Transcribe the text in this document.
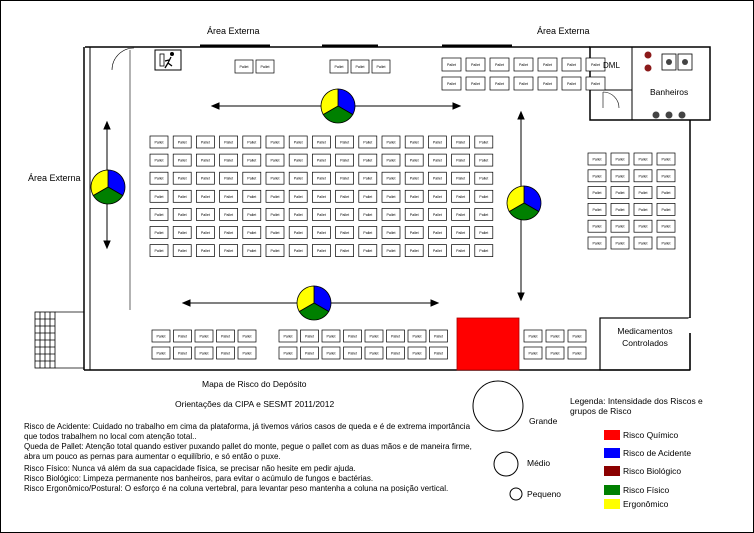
Pallet	Pallet	Pallet	Pallet	Pallet	Pallet	Pallet	Pallet	Pallet	Pallet	Pallet	Pallet	Pallet	Pallet	Pallet
Pallet	Pallet	Pallet	Pallet	Pallet	Pallet	Pallet	Pallet	Pallet	Pallet	Pallet	Pallet	Pallet	Pallet	Pallet
Pallet	Pallet	Pallet	Pallet	Pallet	Pallet	Pallet	Pallet	Pallet	Pallet	Pallet	Pallet	Pallet	Pallet	Pallet
Pallet	Pallet	Pallet	Pallet	Pallet	Pallet	Pallet	Pallet	Pallet	Pallet	Pallet	Pallet	Pallet	Pallet	Pallet
Pallet	Pallet	Pallet	Pallet	Pallet	Pallet	Pallet	Pallet	Pallet	Pallet	Pallet	Pallet	Pallet	Pallet	Pallet
Pallet	Pallet	Pallet	Pallet	Pallet	Pallet	Pallet	Pallet	Pallet	Pallet	Pallet	Pallet	Pallet	Pallet	Pallet
Pallet	Pallet	Pallet	Pallet	Pallet	Pallet	Pallet	Pallet	Pallet	Pallet	Pallet	Pallet	Pallet	Pallet	Pallet
Pallet	Pallet	Pallet	Pallet	Pallet	Pallet	Pallet	Pallet	Pallet	Pallet	Pallet	Pallet
Pallet	Pallet	Pallet	Pallet	Pallet	Pallet	Pallet
Pallet	Pallet	Pallet	Pallet
Pallet	Pallet	Pallet	Pallet
Pallet	Pallet	Pallet	Pallet
Pallet	Pallet	Pallet	Pallet
Pallet	Pallet	Pallet	Pallet
Pallet	Pallet	Pallet	Pallet
Pallet	Pallet	Pallet	Pallet	Pallet
Pallet	Pallet	Pallet	Pallet	Pallet
Pallet	Pallet	Pallet	Pallet	Pallet	Pallet	Pallet	Pallet
Pallet	Pallet	Pallet	Pallet	Pallet	Pallet	Pallet	Pallet
Pallet	Pallet	Pallet
Pallet	Pallet	Pallet
Área Externa	Área Externa
Área Externa
DML
Banheiros
Medicamentos Controlados
Mapa de Risco do Depósito
Orientações da CIPA e SESMT 2011/2012
Risco de Acidente: Cuidado no trabalho em cima da plataforma, já tivemos vários casos de queda e é de extrema importância que todos trabalhem no local com atenção total..
Queda de Pallet: Atenção total quando estiver puxando pallet do monte, pegue o pallet com as duas mãos e de maneira firme, abra um pouco as pernas para aumentar o equilíbrio, e só então o puxe.
Risco Físico: Nunca vá além da sua capacidade física, se precisar não hesite em pedir ajuda.
Risco Biológico: Limpeza permanente nos banheiros, para evitar o acúmulo de fungos e bactérias.
Risco Ergonômico/Postural: O esforço é na coluna vertebral, para levantar peso mantenha a coluna na posição vertical.
Grande
Médio
Pequeno
Legenda: Intensidade dos Riscos e grupos de Risco
Risco Químico
Risco de Acidente
Risco Biológico
Risco Físico
Ergonômico
